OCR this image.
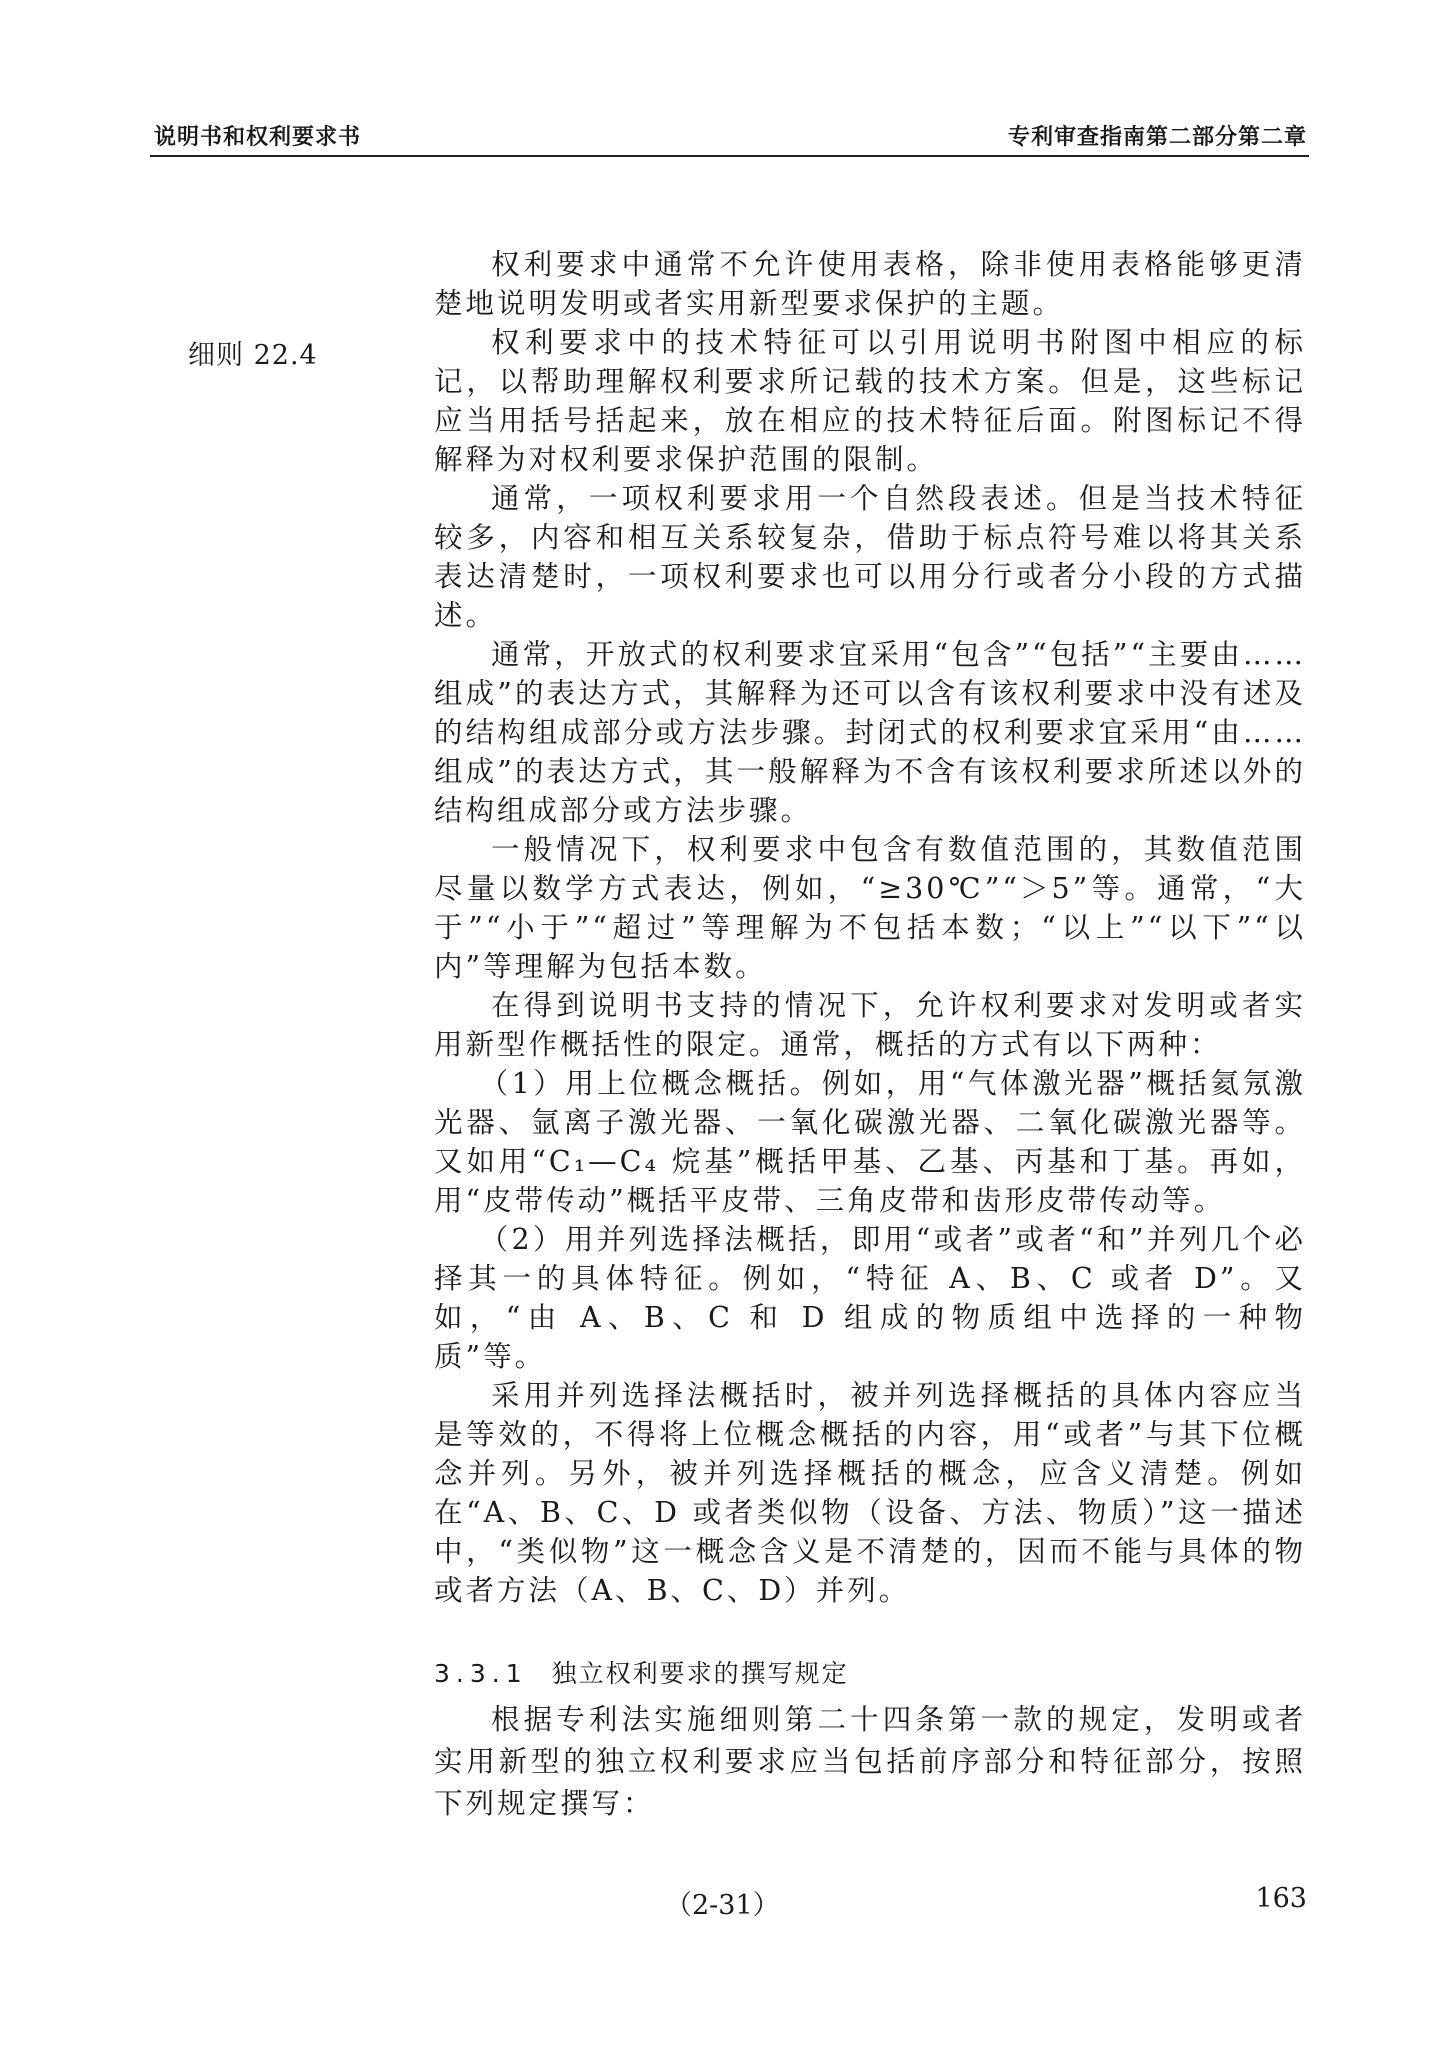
说明书和权利要求书	专利审查指南第二部分第二章
细则 22.4

权利要求中通常不允许使用表格，除非使用表格能够更清楚地说明发明或者实用新型要求保护的主题。

权利要求中的技术特征可以引用说明书附图中相应的标记，以帮助理解权利要求所记载的技术方案。但是，这些标记应当用括号括起来，放在相应的技术特征后面。附图标记不得解释为对权利要求保护范围的限制。

通常，一项权利要求用一个自然段表述。但是当技术特征较多，内容和相互关系较复杂，借助于标点符号难以将其关系表达清楚时，一项权利要求也可以用分行或者分小段的方式描述。

通常，开放式的权利要求宜采用“包含”“包括”“主要由……组成”的表达方式，其解释为还可以含有该权利要求中没有述及的结构组成部分或方法步骤。封闭式的权利要求宜采用“由……组成”的表达方式，其一般解释为不含有该权利要求所述以外的结构组成部分或方法步骤。

一般情况下，权利要求中包含有数值范围的，其数值范围尽量以数学方式表达，例如，“≥30℃”“＞5”等。通常，“大于”“小于”“超过”等理解为不包括本数；“以上”“以下”“以内”等理解为包括本数。

在得到说明书支持的情况下，允许权利要求对发明或者实用新型作概括性的限定。通常，概括的方式有以下两种：

（1）用上位概念概括。例如，用“气体激光器”概括氦氖激光器、氩离子激光器、一氧化碳激光器、二氧化碳激光器等。又如用“C₁—C₄ 烷基”概括甲基、乙基、丙基和丁基。再如，用“皮带传动”概括平皮带、三角皮带和齿形皮带传动等。

（2）用并列选择法概括，即用“或者”或者“和”并列几个必择其一的具体特征。例如，“特征 A、B、C 或者 D”。又如，“由 A、B、C 和 D 组成的物质组中选择的一种物质”等。

采用并列选择法概括时，被并列选择概括的具体内容应当是等效的，不得将上位概念概括的内容，用“或者”与其下位概念并列。另外，被并列选择概括的概念，应含义清楚。例如在“A、B、C、D 或者类似物（设备、方法、物质）”这一描述中，“类似物”这一概念含义是不清楚的，因而不能与具体的物或者方法（A、B、C、D）并列。

3.3.1 独立权利要求的撰写规定

根据专利法实施细则第二十四条第一款的规定，发明或者实用新型的独立权利要求应当包括前序部分和特征部分，按照下列规定撰写：

（2-31）	163
